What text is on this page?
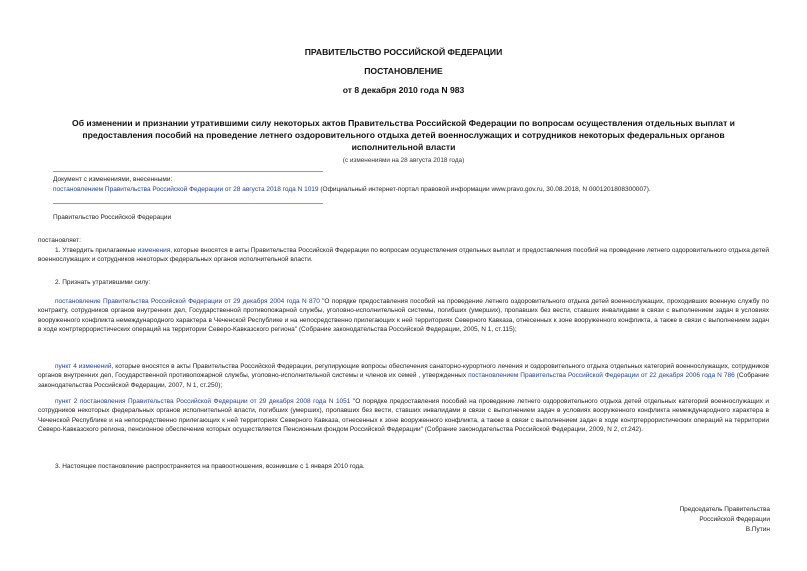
ПРАВИТЕЛЬСТВО РОССИЙСКОЙ ФЕДЕРАЦИИ
ПОСТАНОВЛЕНИЕ
от 8 декабря 2010 года N 983
Об изменении и признании утратившими силу некоторых актов Правительства Российской Федерации по вопросам осуществления отдельных выплат и предоставления пособий на проведение летнего оздоровительного отдыха детей военнослужащих и сотрудников некоторых федеральных органов исполнительной власти
(с изменениями на 28 августа 2018 года)
Документ с изменениями, внесенными:
постановлением Правительства Российской Федерации от 28 августа 2018 года N 1019 (Официальный интернет-портал правовой информации www.pravo.gov.ru, 30.08.2018, N 0001201808300007).
Правительство Российской Федерации
постановляет:
1. Утвердить прилагаемые изменения, которые вносятся в акты Правительства Российской Федерации по вопросам осуществления отдельных выплат и предоставления пособий на проведение летнего оздоровительного отдыха детей военнослужащих и сотрудников некоторых федеральных органов исполнительной власти.
2. Признать утратившими силу:
постановление Правительства Российской Федерации от 29 декабря 2004 года N 870 "О порядке предоставления пособий на проведение летнего оздоровительного отдыха детей военнослужащих, проходивших военную службу по контракту, сотрудников органов внутренних дел, Государственной противопожарной службы, уголовно-исполнительной системы, погибших (умерших), пропавших без вести, ставших инвалидами в связи с выполнением задач в условиях вооруженного конфликта немеждународного характера в Чеченской Республике и на непосредственно прилегающих к ней территориях Северного Кавказа, отнесенных к зоне вооруженного конфликта, а также в связи с выполнением задач в ходе контртеррористических операций на территории Северо-Кавказского региона" (Собрание законодательства Российской Федерации, 2005, N 1, ст.115);
пункт 4 изменений, которые вносятся в акты Правительства Российской Федерации, регулирующие вопросы обеспечения санаторно-курортного лечения и оздоровительного отдыха отдельных категорий военнослужащих, сотрудников органов внутренних дел, Государственной противопожарной службы, уголовно-исполнительной системы и членов их семей , утвержденных постановлением Правительства Российской Федерации от 22 декабря 2006 года N 786 (Собрание законодательства Российской Федерации, 2007, N 1, ст.250);
пункт 2 постановления Правительства Российской Федерации от 29 декабря 2008 года N 1051 "О порядке предоставления пособий на проведение летнего оздоровительного отдыха детей отдельных категорий военнослужащих и сотрудников некоторых федеральных органов исполнительной власти, погибших (умерших), пропавших без вести, ставших инвалидами в связи с выполнением задач в условиях вооруженного конфликта немеждународного характера в Чеченской Республике и на непосредственно прилегающих к ней территориях Северного Кавказа, отнесенных к зоне вооруженного конфликта, а также в связи с выполнением задач в ходе контртеррористических операций на территории Северо-Кавказского региона, пенсионное обеспечение которых осуществляется Пенсионным фондом Российской Федерации" (Собрание законодательства Российской Федерации, 2009, N 2, ст.242).
3. Настоящее постановление распространяется на правоотношения, возникшие с 1 января 2010 года.
Председатель Правительства
Российской Федерации
В.Путин
